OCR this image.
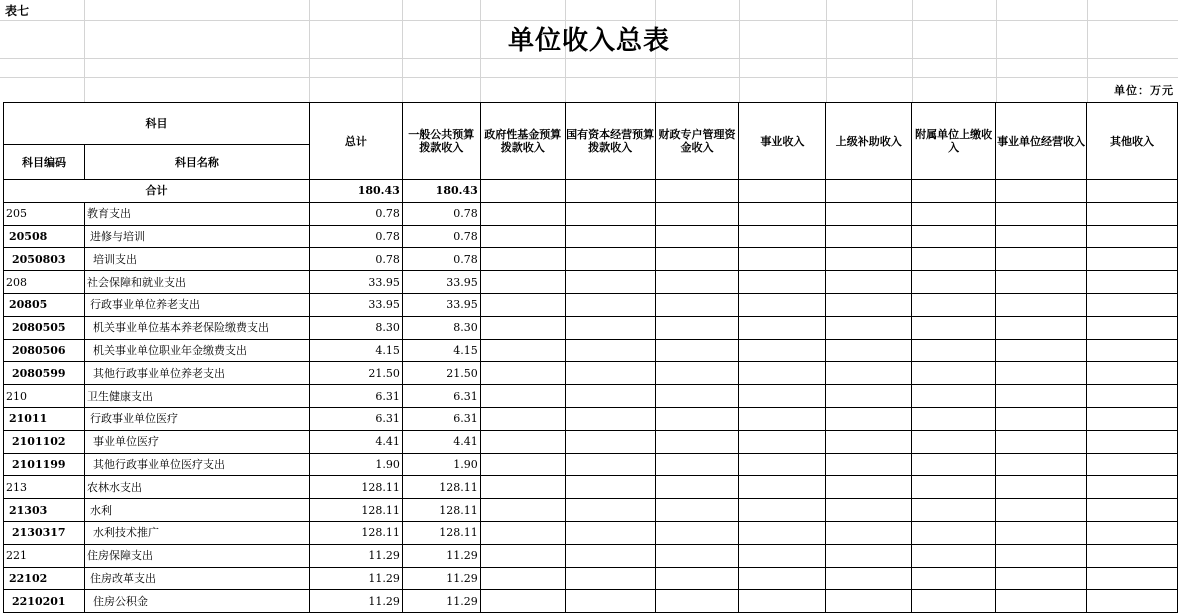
表七
单位收入总表
单位：万元
科目		总计	一般公共预算拨款收入	政府性基金预算拨款收入	国有资本经营预算拨款收入	财政专户管理资金收入	事业收入	上级补助收入	附属单位上缴收入	事业单位经营收入	其他收入
科目编码	科目名称										
合计		180.43	180.43								
205	教育支出	0.78	0.78								
20508	进修与培训	0.78	0.78								
2050803	培训支出	0.78	0.78								
208	社会保障和就业支出	33.95	33.95								
20805	行政事业单位养老支出	33.95	33.95								
2080505	机关事业单位基本养老保险缴费支出	8.30	8.30								
2080506	机关事业单位职业年金缴费支出	4.15	4.15								
2080599	其他行政事业单位养老支出	21.50	21.50								
210	卫生健康支出	6.31	6.31								
21011	行政事业单位医疗	6.31	6.31								
2101102	事业单位医疗	4.41	4.41								
2101199	其他行政事业单位医疗支出	1.90	1.90								
213	农林水支出	128.11	128.11								
21303	水利	128.11	128.11								
2130317	水利技术推广	128.11	128.11								
221	住房保障支出	11.29	11.29								
22102	住房改革支出	11.29	11.29								
2210201	住房公积金	11.29	11.29								
